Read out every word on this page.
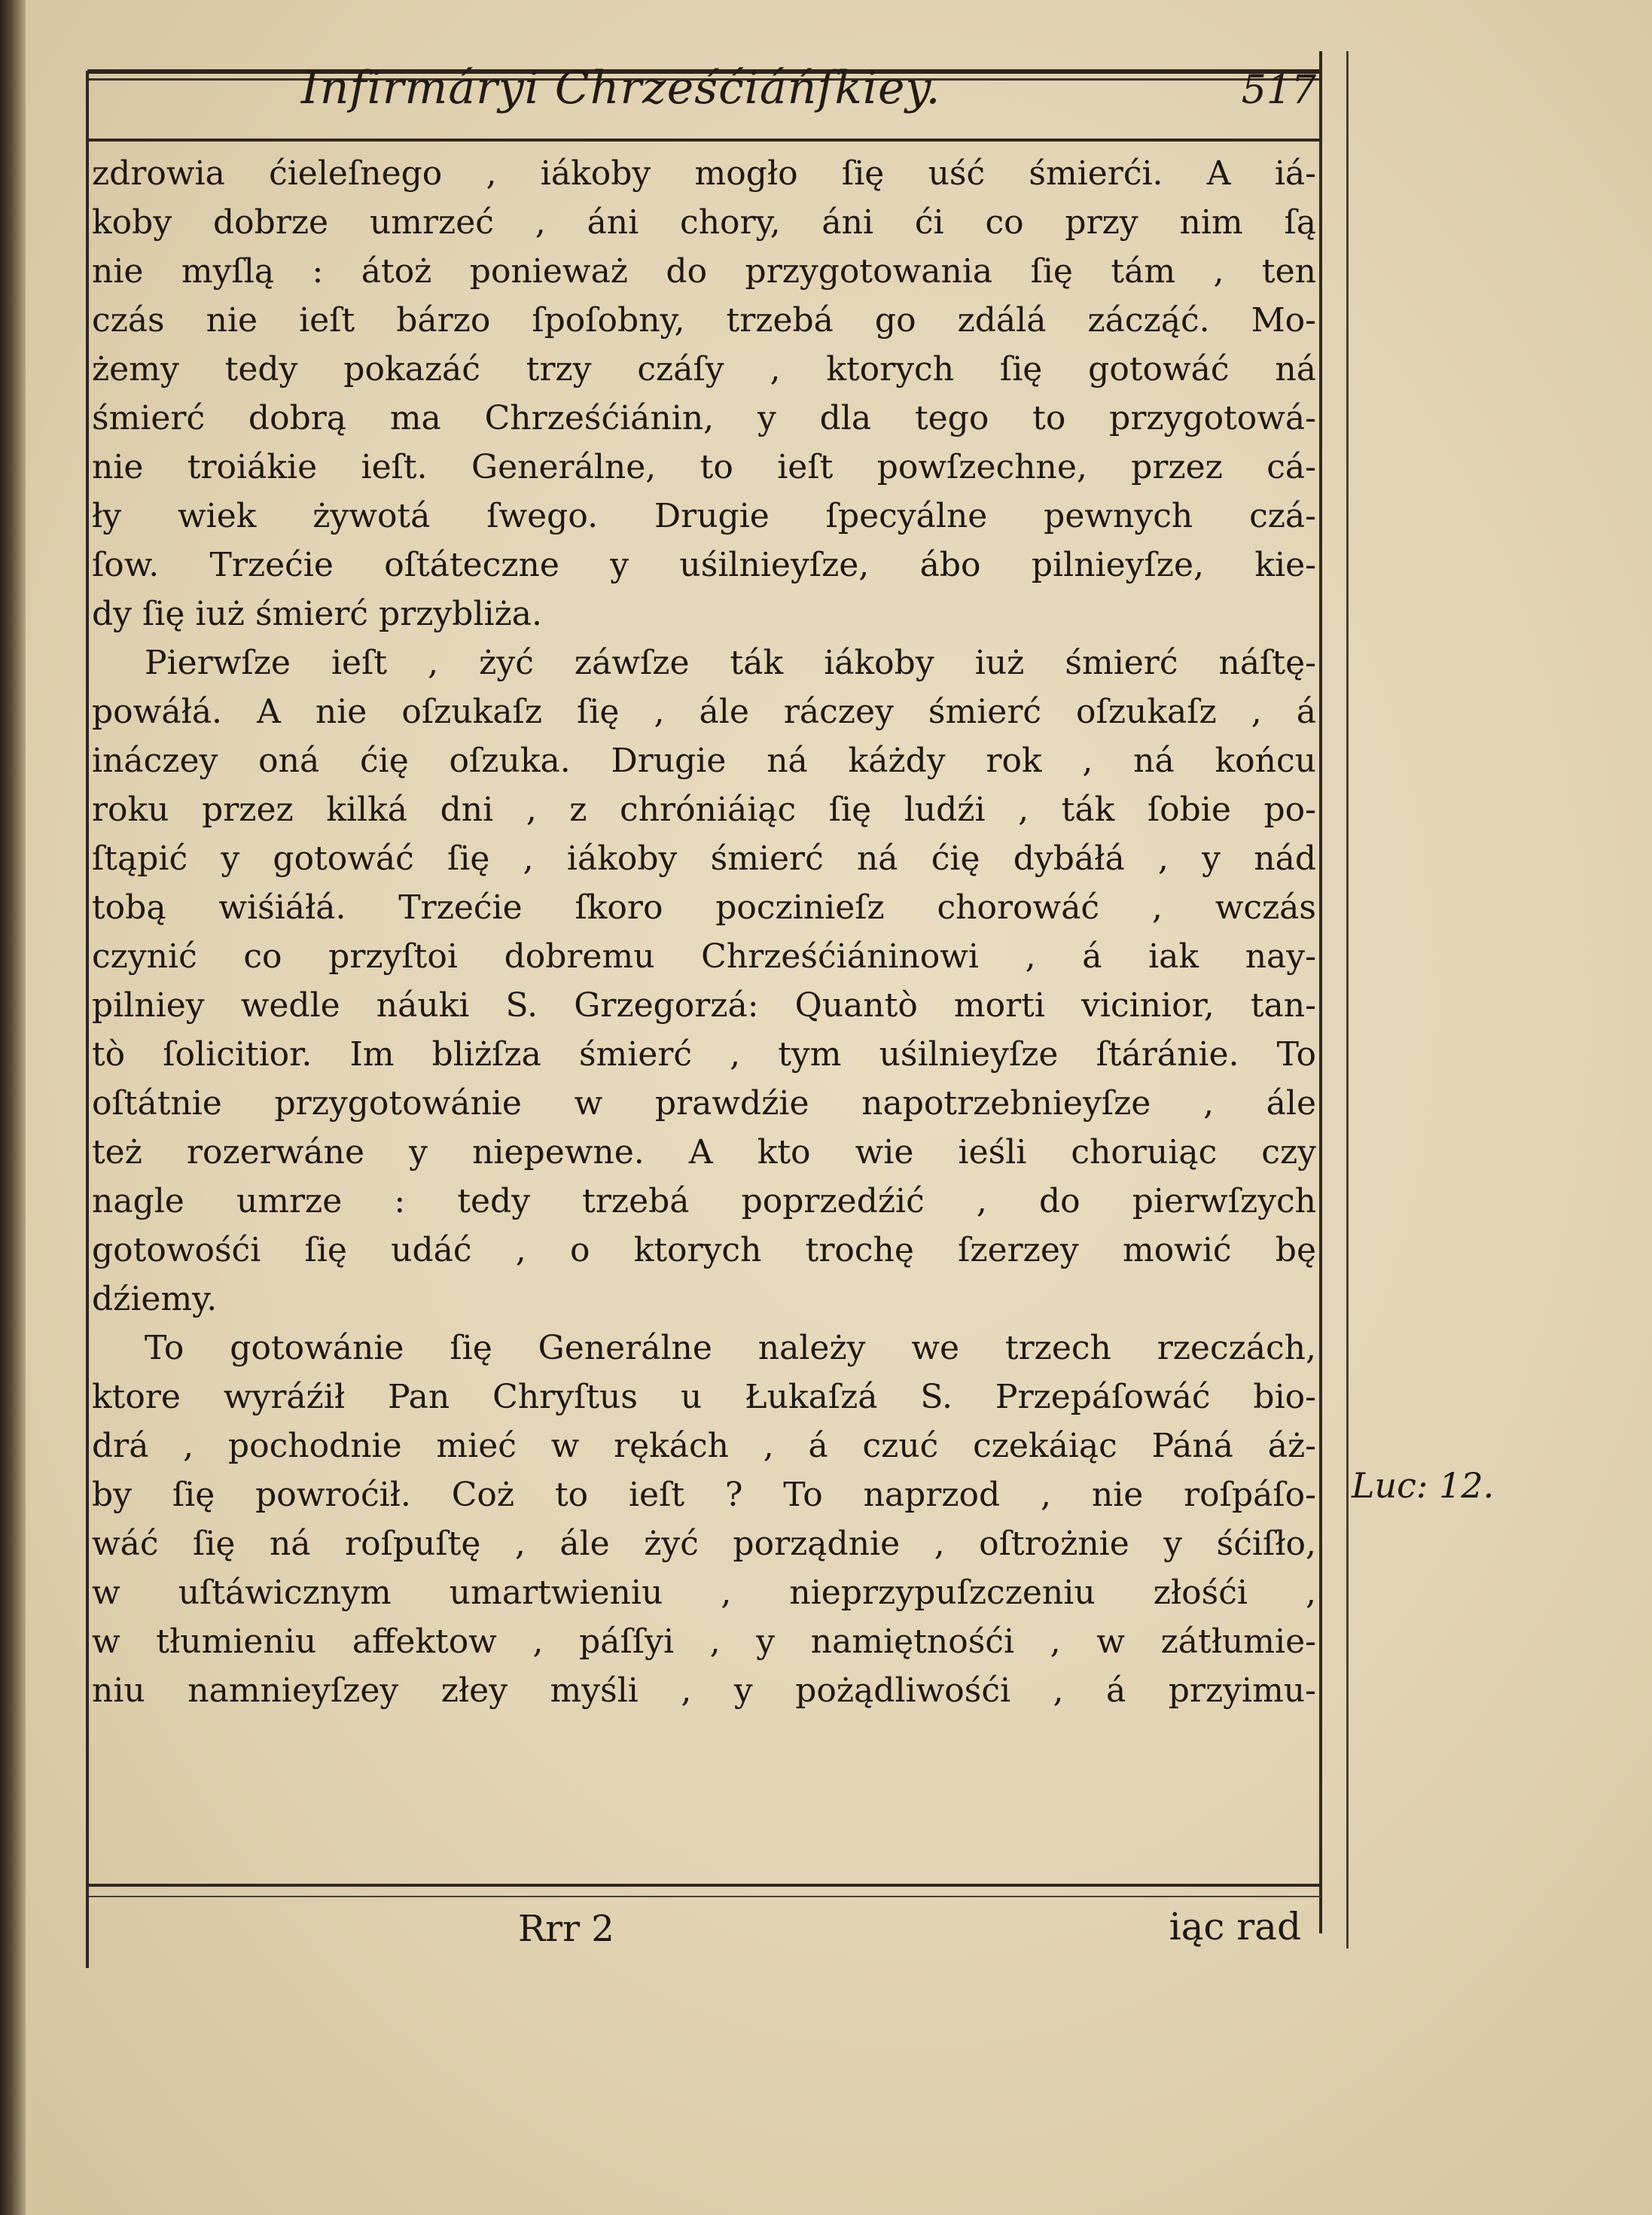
Infirmáryi Chrześćiáńſkiey.	517
zdrowia ćieleſnego , iákoby mogło ſię uść śmierći. A iá-
koby dobrze umrzeć , áni chory, áni ći co przy nim ſą
nie myſlą : átoż ponieważ do przygotowania ſię tám , ten
czás nie ieſt bárzo ſpoſobny, trzebá go zdálá záczą́ć. Mo-
żemy tedy pokazáć trzy czáſy , ktorych ſię gotowáć ná
śmierć dobrą ma Chrześćiánin, y dla tego to przygotowá-
nie troiákie ieſt. Generálne, to ieſt powſzechne, przez cá-
ły wiek żywotá ſwego. Drugie ſpecyálne pewnych czá-
ſow. Trzećie oſtáteczne y uśilnieyſze, ábo pilnieyſze, kie-
dy ſię iuż śmierć przybliża.
Pierwſze ieſt , żyć záwſze ták iákoby iuż śmierć náſtę-
powáłá. A nie oſzukaſz ſię , ále ráczey śmierć oſzukaſz , á
ináczey oná ćię oſzuka. Drugie ná káżdy rok , ná końcu
roku przez kilká dni , z chróniáiąc ſię ludźi , ták ſobie po-
ſtąpić y gotowáć ſię , iákoby śmierć ná ćię dybáłá , y nád
tobą wiśiáłá. Trzećie ſkoro poczinieſz chorowáć , wczás
czynić co przyſtoi dobremu Chrześćiáninowi , á iak nay-
pilniey wedle náuki S. Grzegorzá: Quantò morti vicinior, tan-
tò ſolicitior. Im bliżſza śmierć , tym uśilnieyſze ſtáránie. To
oſtátnie przygotowánie w prawdźie napotrzebnieyſze , ále
też rozerwáne y niepewne. A kto wie ieśli choruiąc czy
nagle umrze : tedy trzebá poprzedźić , do pierwſzych
gotowośći ſię udáć , o ktorych trochę ſzerzey mowić bę
dźiemy.
To gotowánie ſię Generálne należy we trzech rzeczách,
ktore wyráźił Pan Chryſtus u Łukaſzá S. Przepáſowáć bio-
drá , pochodnie mieć w rękách , á czuć czekáiąc Páná áż-
by ſię powroćił. Coż to ieſt ? To naprzod , nie roſpáſo-
wáć ſię ná roſpuſtę , ále żyć porządnie , oſtrożnie y śćiſło,
w uſtáwicznym umartwieniu , nieprzypuſzczeniu złośći ,
w tłumieniu affektow , páſſyi , y namiętnośći , w zátłumie-
niu namnieyſzey złey myśli , y pożądliwośći , á przyimu-
Luc: 12.
Rrr 2	iąc rad
